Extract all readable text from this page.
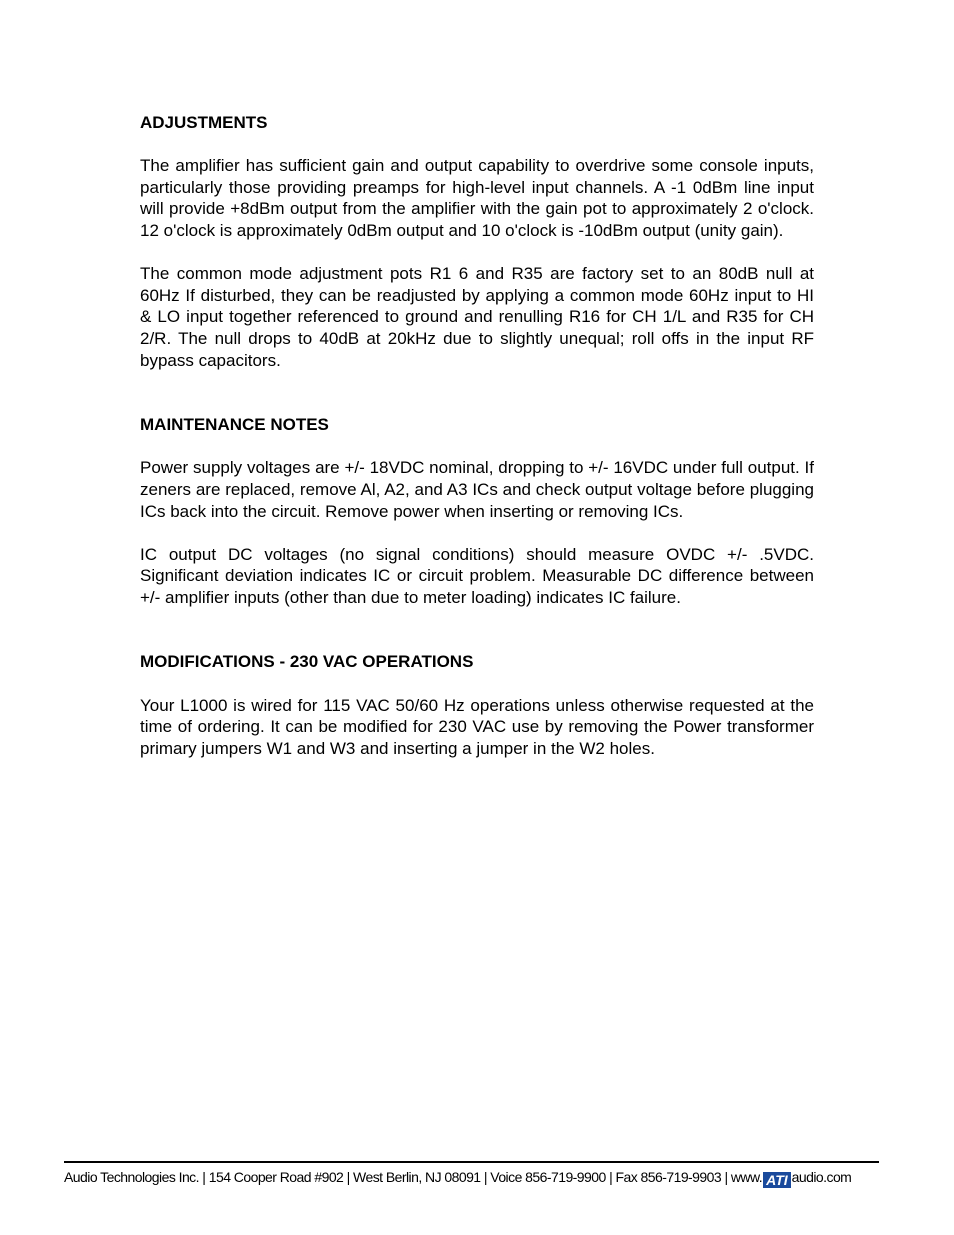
ADJUSTMENTS

The amplifier has sufficient gain and output capability to overdrive some console inputs, particularly those providing preamps for high-level input channels. A -1 0dBm line input will provide +8dBm output from the amplifier with the gain pot to approximately 2 o'clock. 12 o'clock is approximately 0dBm output and 10 o'clock is -10dBm output (unity gain).

The common mode adjustment pots R1 6 and R35 are factory set to an 80dB null at 60Hz If disturbed, they can be readjusted by applying a common mode 60Hz input to HI & LO input together referenced to ground and renulling R16 for CH 1/L and R35 for CH 2/R. The null drops to 40dB at 20kHz due to slightly unequal; roll offs in the input RF bypass capacitors.

MAINTENANCE NOTES

Power supply voltages are +/- 18VDC nominal, dropping to +/- 16VDC under full output. If zeners are replaced, remove Al, A2, and A3 ICs and check output voltage before plugging ICs back into the circuit. Remove power when inserting or removing ICs.

IC output DC voltages (no signal conditions) should measure OVDC +/- .5VDC. Significant deviation indicates IC or circuit problem. Measurable DC difference between +/- amplifier inputs (other than due to meter loading) indicates IC failure.

MODIFICATIONS - 230 VAC OPERATIONS

Your L1000 is wired for 115 VAC 50/60 Hz operations unless otherwise requested at the time of ordering. It can be modified for 230 VAC use by removing the Power transformer primary jumpers W1 and W3 and inserting a jumper in the W2 holes.

Audio Technologies Inc. | 154 Cooper Road #902 | West Berlin, NJ 08091 | Voice 856-719-9900 | Fax 856-719-9903 | www. ATI audio.com
